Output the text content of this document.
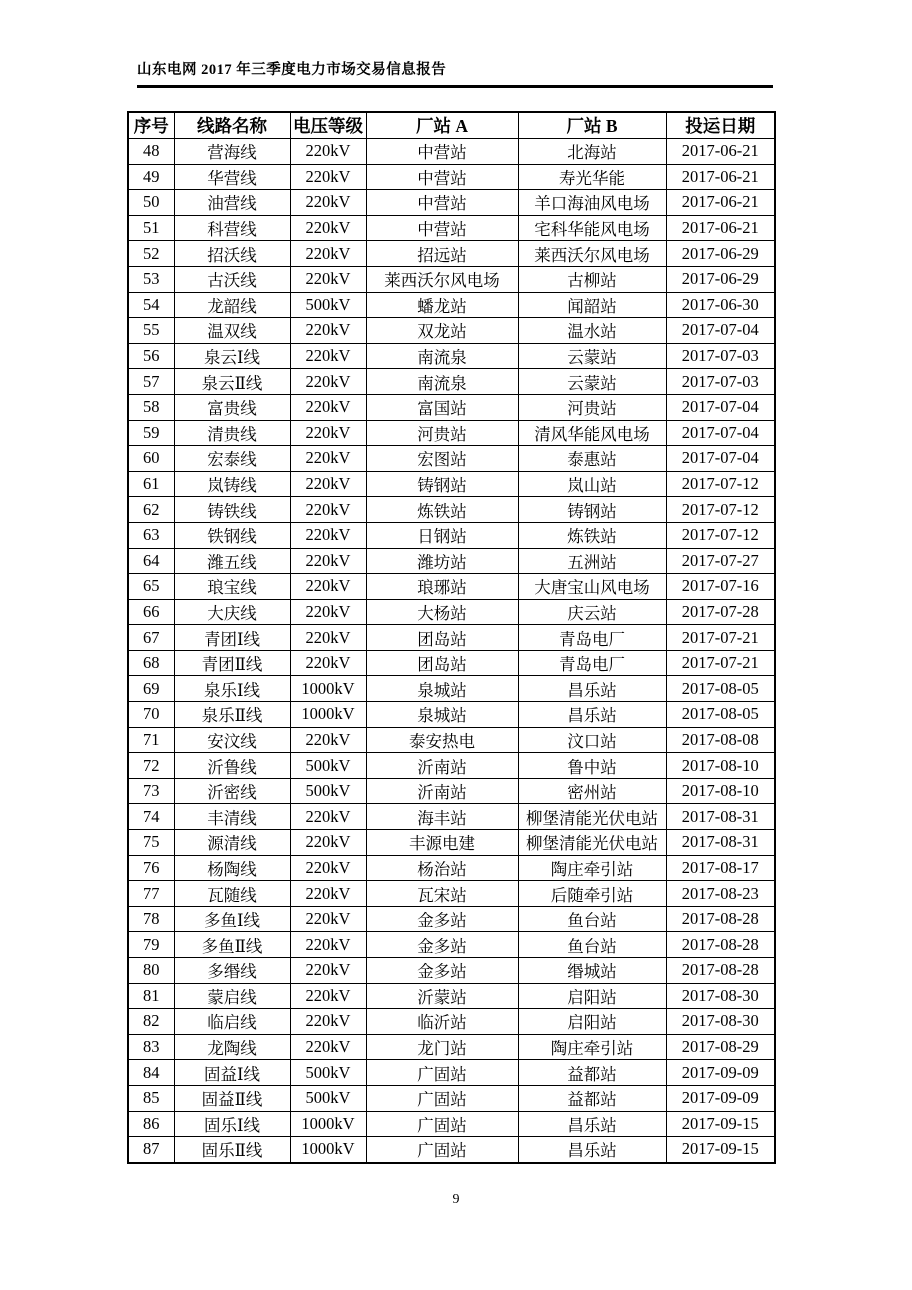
山东电网 2017 年三季度电力市场交易信息报告
序号	线路名称	电压等级	厂站 A	厂站 B	投运日期
48	营海线	220kV	中营站	北海站	2017-06-21
49	华营线	220kV	中营站	寿光华能	2017-06-21
50	油营线	220kV	中营站	羊口海油风电场	2017-06-21
51	科营线	220kV	中营站	宅科华能风电场	2017-06-21
52	招沃线	220kV	招远站	莱西沃尔风电场	2017-06-29
53	古沃线	220kV	莱西沃尔风电场	古柳站	2017-06-29
54	龙韶线	500kV	蟠龙站	闻韶站	2017-06-30
55	温双线	220kV	双龙站	温水站	2017-07-04
56	泉云Ⅰ线	220kV	南流泉	云蒙站	2017-07-03
57	泉云Ⅱ线	220kV	南流泉	云蒙站	2017-07-03
58	富贵线	220kV	富国站	河贵站	2017-07-04
59	清贵线	220kV	河贵站	清风华能风电场	2017-07-04
60	宏泰线	220kV	宏图站	泰惠站	2017-07-04
61	岚铸线	220kV	铸钢站	岚山站	2017-07-12
62	铸铁线	220kV	炼铁站	铸钢站	2017-07-12
63	铁钢线	220kV	日钢站	炼铁站	2017-07-12
64	潍五线	220kV	潍坊站	五洲站	2017-07-27
65	琅宝线	220kV	琅琊站	大唐宝山风电场	2017-07-16
66	大庆线	220kV	大杨站	庆云站	2017-07-28
67	青团Ⅰ线	220kV	团岛站	青岛电厂	2017-07-21
68	青团Ⅱ线	220kV	团岛站	青岛电厂	2017-07-21
69	泉乐Ⅰ线	1000kV	泉城站	昌乐站	2017-08-05
70	泉乐Ⅱ线	1000kV	泉城站	昌乐站	2017-08-05
71	安汶线	220kV	泰安热电	汶口站	2017-08-08
72	沂鲁线	500kV	沂南站	鲁中站	2017-08-10
73	沂密线	500kV	沂南站	密州站	2017-08-10
74	丰清线	220kV	海丰站	柳堡清能光伏电站	2017-08-31
75	源清线	220kV	丰源电建	柳堡清能光伏电站	2017-08-31
76	杨陶线	220kV	杨治站	陶庄牵引站	2017-08-17
77	瓦随线	220kV	瓦宋站	后随牵引站	2017-08-23
78	多鱼Ⅰ线	220kV	金多站	鱼台站	2017-08-28
79	多鱼Ⅱ线	220kV	金多站	鱼台站	2017-08-28
80	多缗线	220kV	金多站	缗城站	2017-08-28
81	蒙启线	220kV	沂蒙站	启阳站	2017-08-30
82	临启线	220kV	临沂站	启阳站	2017-08-30
83	龙陶线	220kV	龙门站	陶庄牵引站	2017-08-29
84	固益Ⅰ线	500kV	广固站	益都站	2017-09-09
85	固益Ⅱ线	500kV	广固站	益都站	2017-09-09
86	固乐Ⅰ线	1000kV	广固站	昌乐站	2017-09-15
87	固乐Ⅱ线	1000kV	广固站	昌乐站	2017-09-15
9
